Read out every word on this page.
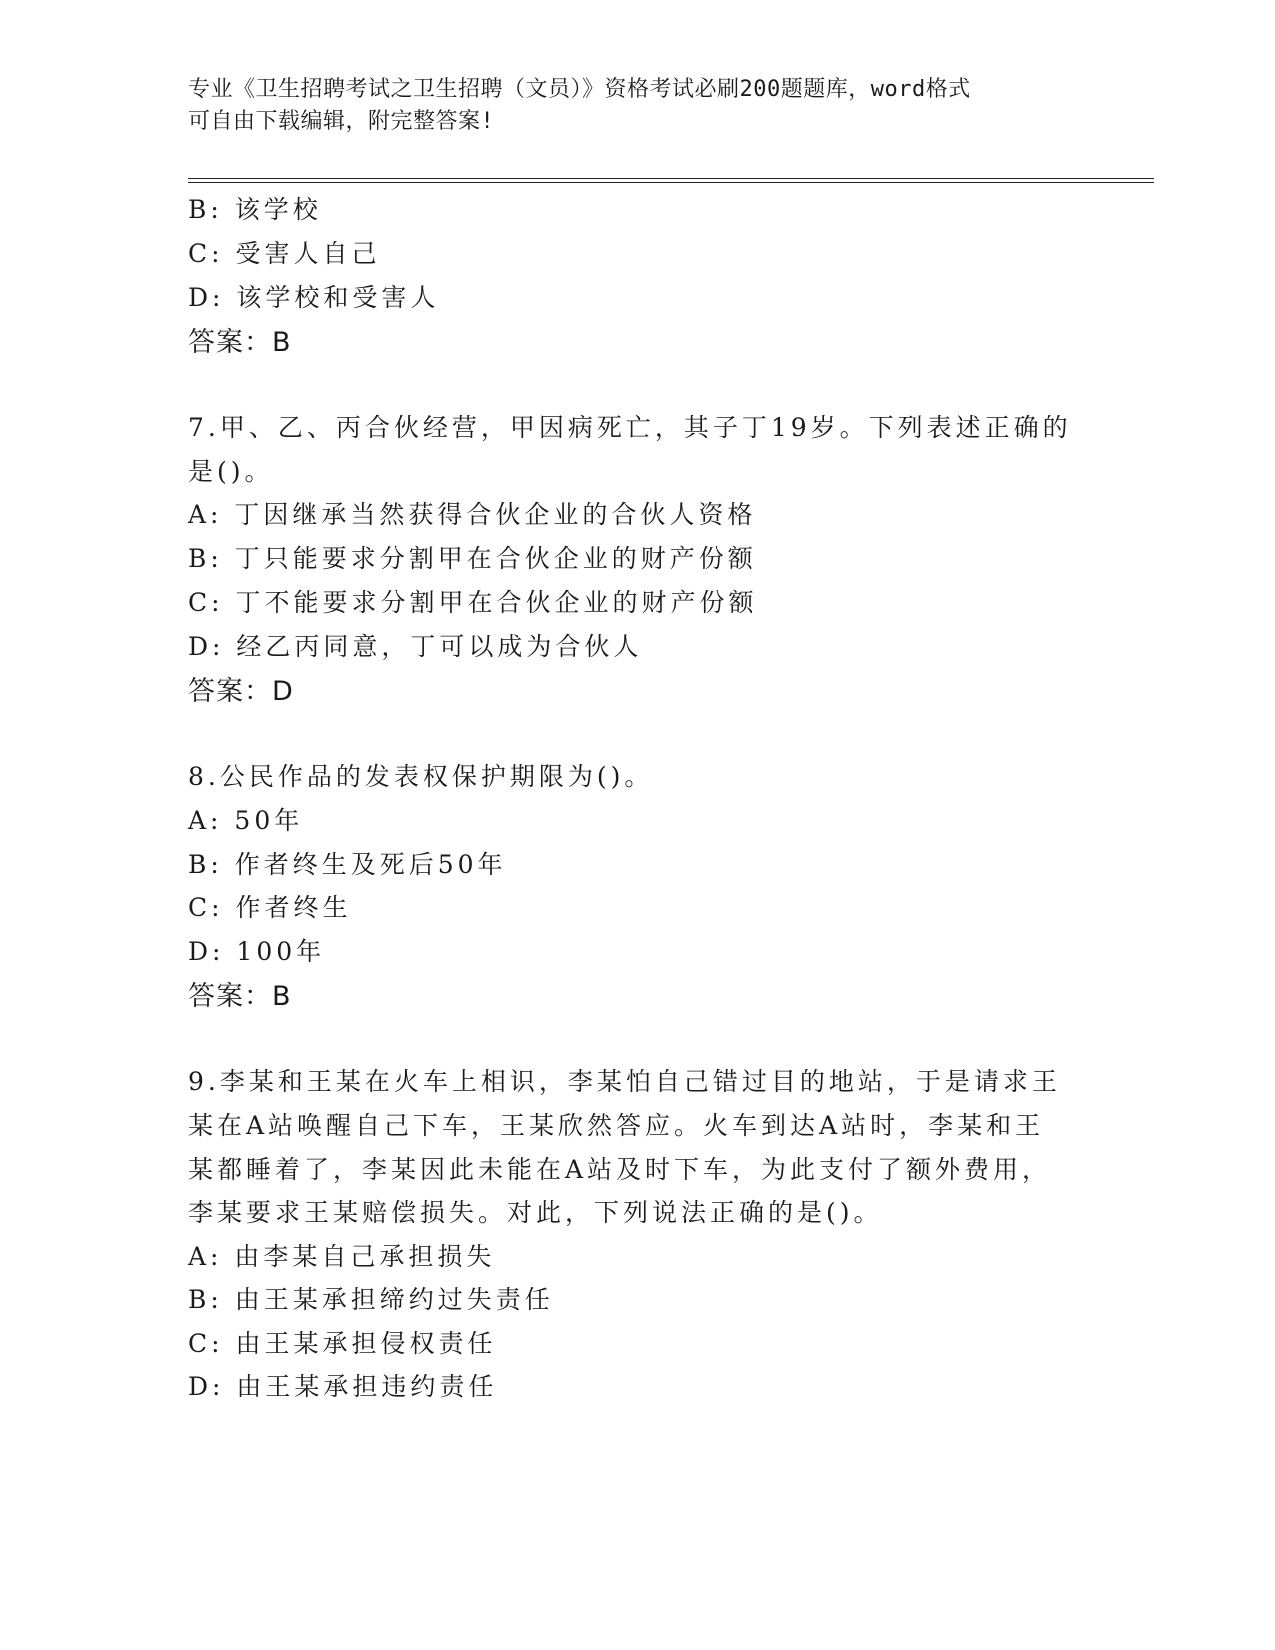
专业《卫生招聘考试之卫生招聘（文员）》资格考试必刷200题题库，word格式
可自由下载编辑，附完整答案!
B: 该学校
C: 受害人自己
D: 该学校和受害人
答案：B
7.甲、乙、丙合伙经营，甲因病死亡，其子丁19岁。下列表述正确的
是()。
A: 丁因继承当然获得合伙企业的合伙人资格
B: 丁只能要求分割甲在合伙企业的财产份额
C: 丁不能要求分割甲在合伙企业的财产份额
D: 经乙丙同意，丁可以成为合伙人
答案：D
8.公民作品的发表权保护期限为()。
A: 50年
B: 作者终生及死后50年
C: 作者终生
D: 100年
答案：B
9.李某和王某在火车上相识，李某怕自己错过目的地站，于是请求王
某在A站唤醒自己下车，王某欣然答应。火车到达A站时，李某和王
某都睡着了，李某因此未能在A站及时下车，为此支付了额外费用，
李某要求王某赔偿损失。对此，下列说法正确的是()。
A: 由李某自己承担损失
B: 由王某承担缔约过失责任
C: 由王某承担侵权责任
D: 由王某承担违约责任
